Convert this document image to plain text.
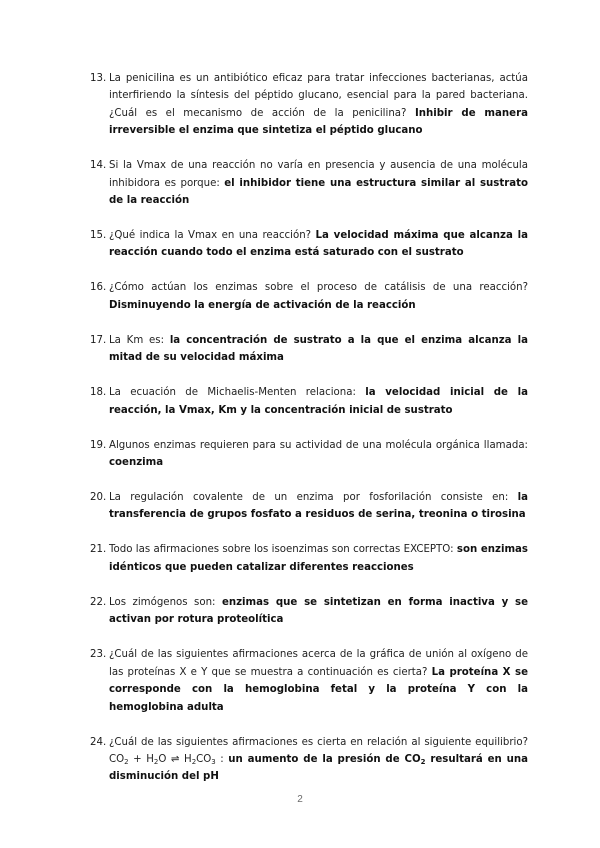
13. La penicilina es un antibiótico eficaz para tratar infecciones bacterianas, actúa interfiriendo la síntesis del péptido glucano, esencial para la pared bacteriana. ¿Cuál es el mecanismo de acción de la penicilina? Inhibir de manera irreversible el enzima que sintetiza el péptido glucano
14. Si la Vmax de una reacción no varía en presencia y ausencia de una molécula inhibidora es porque: el inhibidor tiene una estructura similar al sustrato de la reacción
15. ¿Qué indica la Vmax en una reacción? La velocidad máxima que alcanza la reacción cuando todo el enzima está saturado con el sustrato
16. ¿Cómo actúan los enzimas sobre el proceso de catálisis de una reacción? Disminuyendo la energía de activación de la reacción
17. La Km es: la concentración de sustrato a la que el enzima alcanza la mitad de su velocidad máxima
18. La ecuación de Michaelis-Menten relaciona: la velocidad inicial de la reacción, la Vmax, Km y la concentración inicial de sustrato
19. Algunos enzimas requieren para su actividad de una molécula orgánica llamada: coenzima
20. La regulación covalente de un enzima por fosforilación consiste en: la transferencia de grupos fosfato a residuos de serina, treonina o tirosina
21. Todo las afirmaciones sobre los isoenzimas son correctas EXCEPTO: son enzimas idénticos que pueden catalizar diferentes reacciones
22. Los zimógenos son: enzimas que se sintetizan en forma inactiva y se activan por rotura proteolítica
23. ¿Cuál de las siguientes afirmaciones acerca de la gráfica de unión al oxígeno de las proteínas X e Y que se muestra a continuación es cierta? La proteína X se corresponde con la hemoglobina fetal y la proteína Y con la hemoglobina adulta
24. ¿Cuál de las siguientes afirmaciones es cierta en relación al siguiente equilibrio? $CO_2 + H_2O$ ⇌ $H_2CO_3$ : un aumento de la presión de $CO_2$ resultará en una disminución del pH
2
